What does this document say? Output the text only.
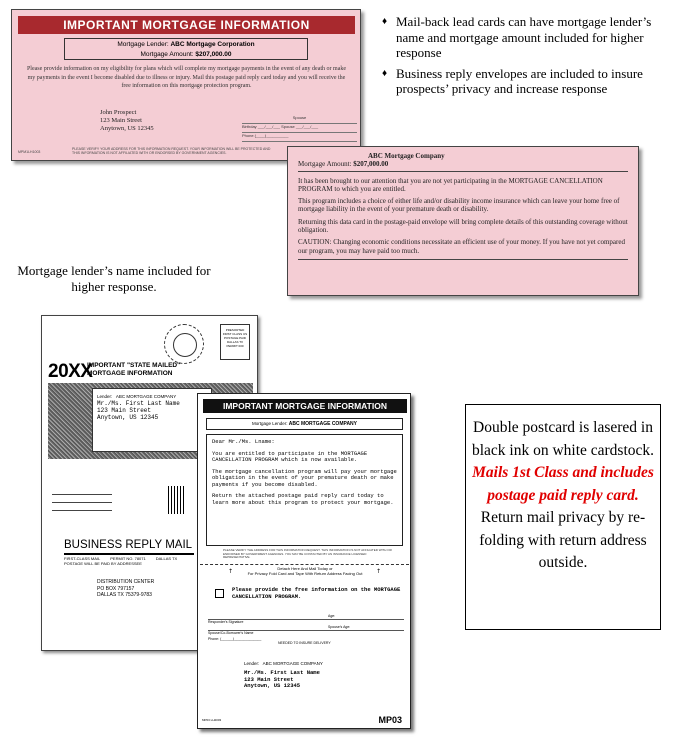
IMPORTANT MORTGAGE INFORMATION
Mortgage Lender: ABC Mortgage Corporation
Mortgage Amount: $207,000.00
Please provide information on my eligibility for plans which will complete my mortgage payments in the event of any death or make my payments in the event I become disabled due to illness or injury. Mail this postage paid reply card today and you will receive the free information on this mortgage protection program.
John Prospect
123 Main Street
Anytown, US 12345
Spouse
Birthday ___/___/___ Spouse ___/___/___
Phone (____)__________
PLEASE VERIFY YOUR ADDRESS FOR THIS INFORMATION REQUEST. YOUR INFORMATION WILL BE PROTECTED AND THIS INFORMATION IS NOT AFFILIATED WITH OR ENDORSED BY GOVERNMENT AGENCIES.
MPM1LH1003
♦ Mail-back lead cards can have mortgage lender’s name and mortgage amount included for higher response
♦ Business reply envelopes are included to insure prospects’ privacy and increase response
ABC Mortgage Company
Mortgage Amount: $207,000.00

It has been brought to our attention that you are not yet participating in the MORTGAGE CANCELLATION PROGRAM to which you are entitled.

This program includes a choice of either life and/or disability income insurance which can leave your home free of mortgage liability in the event of your premature death or disability.

Returning this data card in the postage-paid envelope will bring complete details of this outstanding coverage without obligation.

CAUTION: Changing economic conditions necessitate an efficient use of your money. If you have not yet compared our program, you may have paid too much.

Mortgage lender’s name included for higher response.
PRESORTED FIRST CLASS US POSTAGE PAID DALLAS TX PERMIT 000
20XX
IMPORTANT "STATE MAILED"
MORTGAGE INFORMATION
Lender: ABC MORTGAGE COMPANY
Mr./Ms. First Last Name
123 Main Street
Anytown, US 12345
BUSINESS REPLY MAIL
FIRST-CLASS MAIL	PERMIT NO. 78071	DALLAS TX
POSTAGE WILL BE PAID BY ADDRESSEE
DISTRIBUTION CENTER
PO BOX 797157
DALLAS TX 75379-9783
IMPORTANT MORTGAGE INFORMATION
Mortgage Lender: ABC MORTGAGE COMPANY

Dear Mr./Ms. Lname:

You are entitled to participate in the MORTGAGE CANCELLATION PROGRAM which is now available.

The mortgage cancellation program will pay your mortgage obligation in the event of your premature death or make payments if you become disabled.

Return the attached postage paid reply card today to learn more about this program to protect your mortgage.

PLEASE VERIFY THE ADDRESS FOR THIS INFORMATION REQUEST. THIS INFORMATION IS NOT AFFILIATED WITH OR ENDORSED BY GOVERNMENT AGENCIES. YOU MAY BE CONTACTED BY AN INSURANCE LICENSED REPRESENTATIVE.
↑	↑
Detach Here And Mail Today or
For Privacy Fold Card and Tape With Return Address Facing Out
Please provide the free information on the MORTGAGE CANCELLATION PROGRAM.
Responder's Signature
Age:
Spouse/Co-Borrower's Name
Spouse's Age:
Phone: (______)______________
NEEDED TO INSURE DELIVERY
Lender: ABC MORTGAGE COMPANY
Mr./Ms. First Last Name
123 Main Street
Anytown, US 12345
MP03 LH2003	MP03
Double postcard is lasered in black ink on white cardstock.
Mails 1st Class and includes postage paid reply card.
Return mail privacy by re-folding with return address outside.
